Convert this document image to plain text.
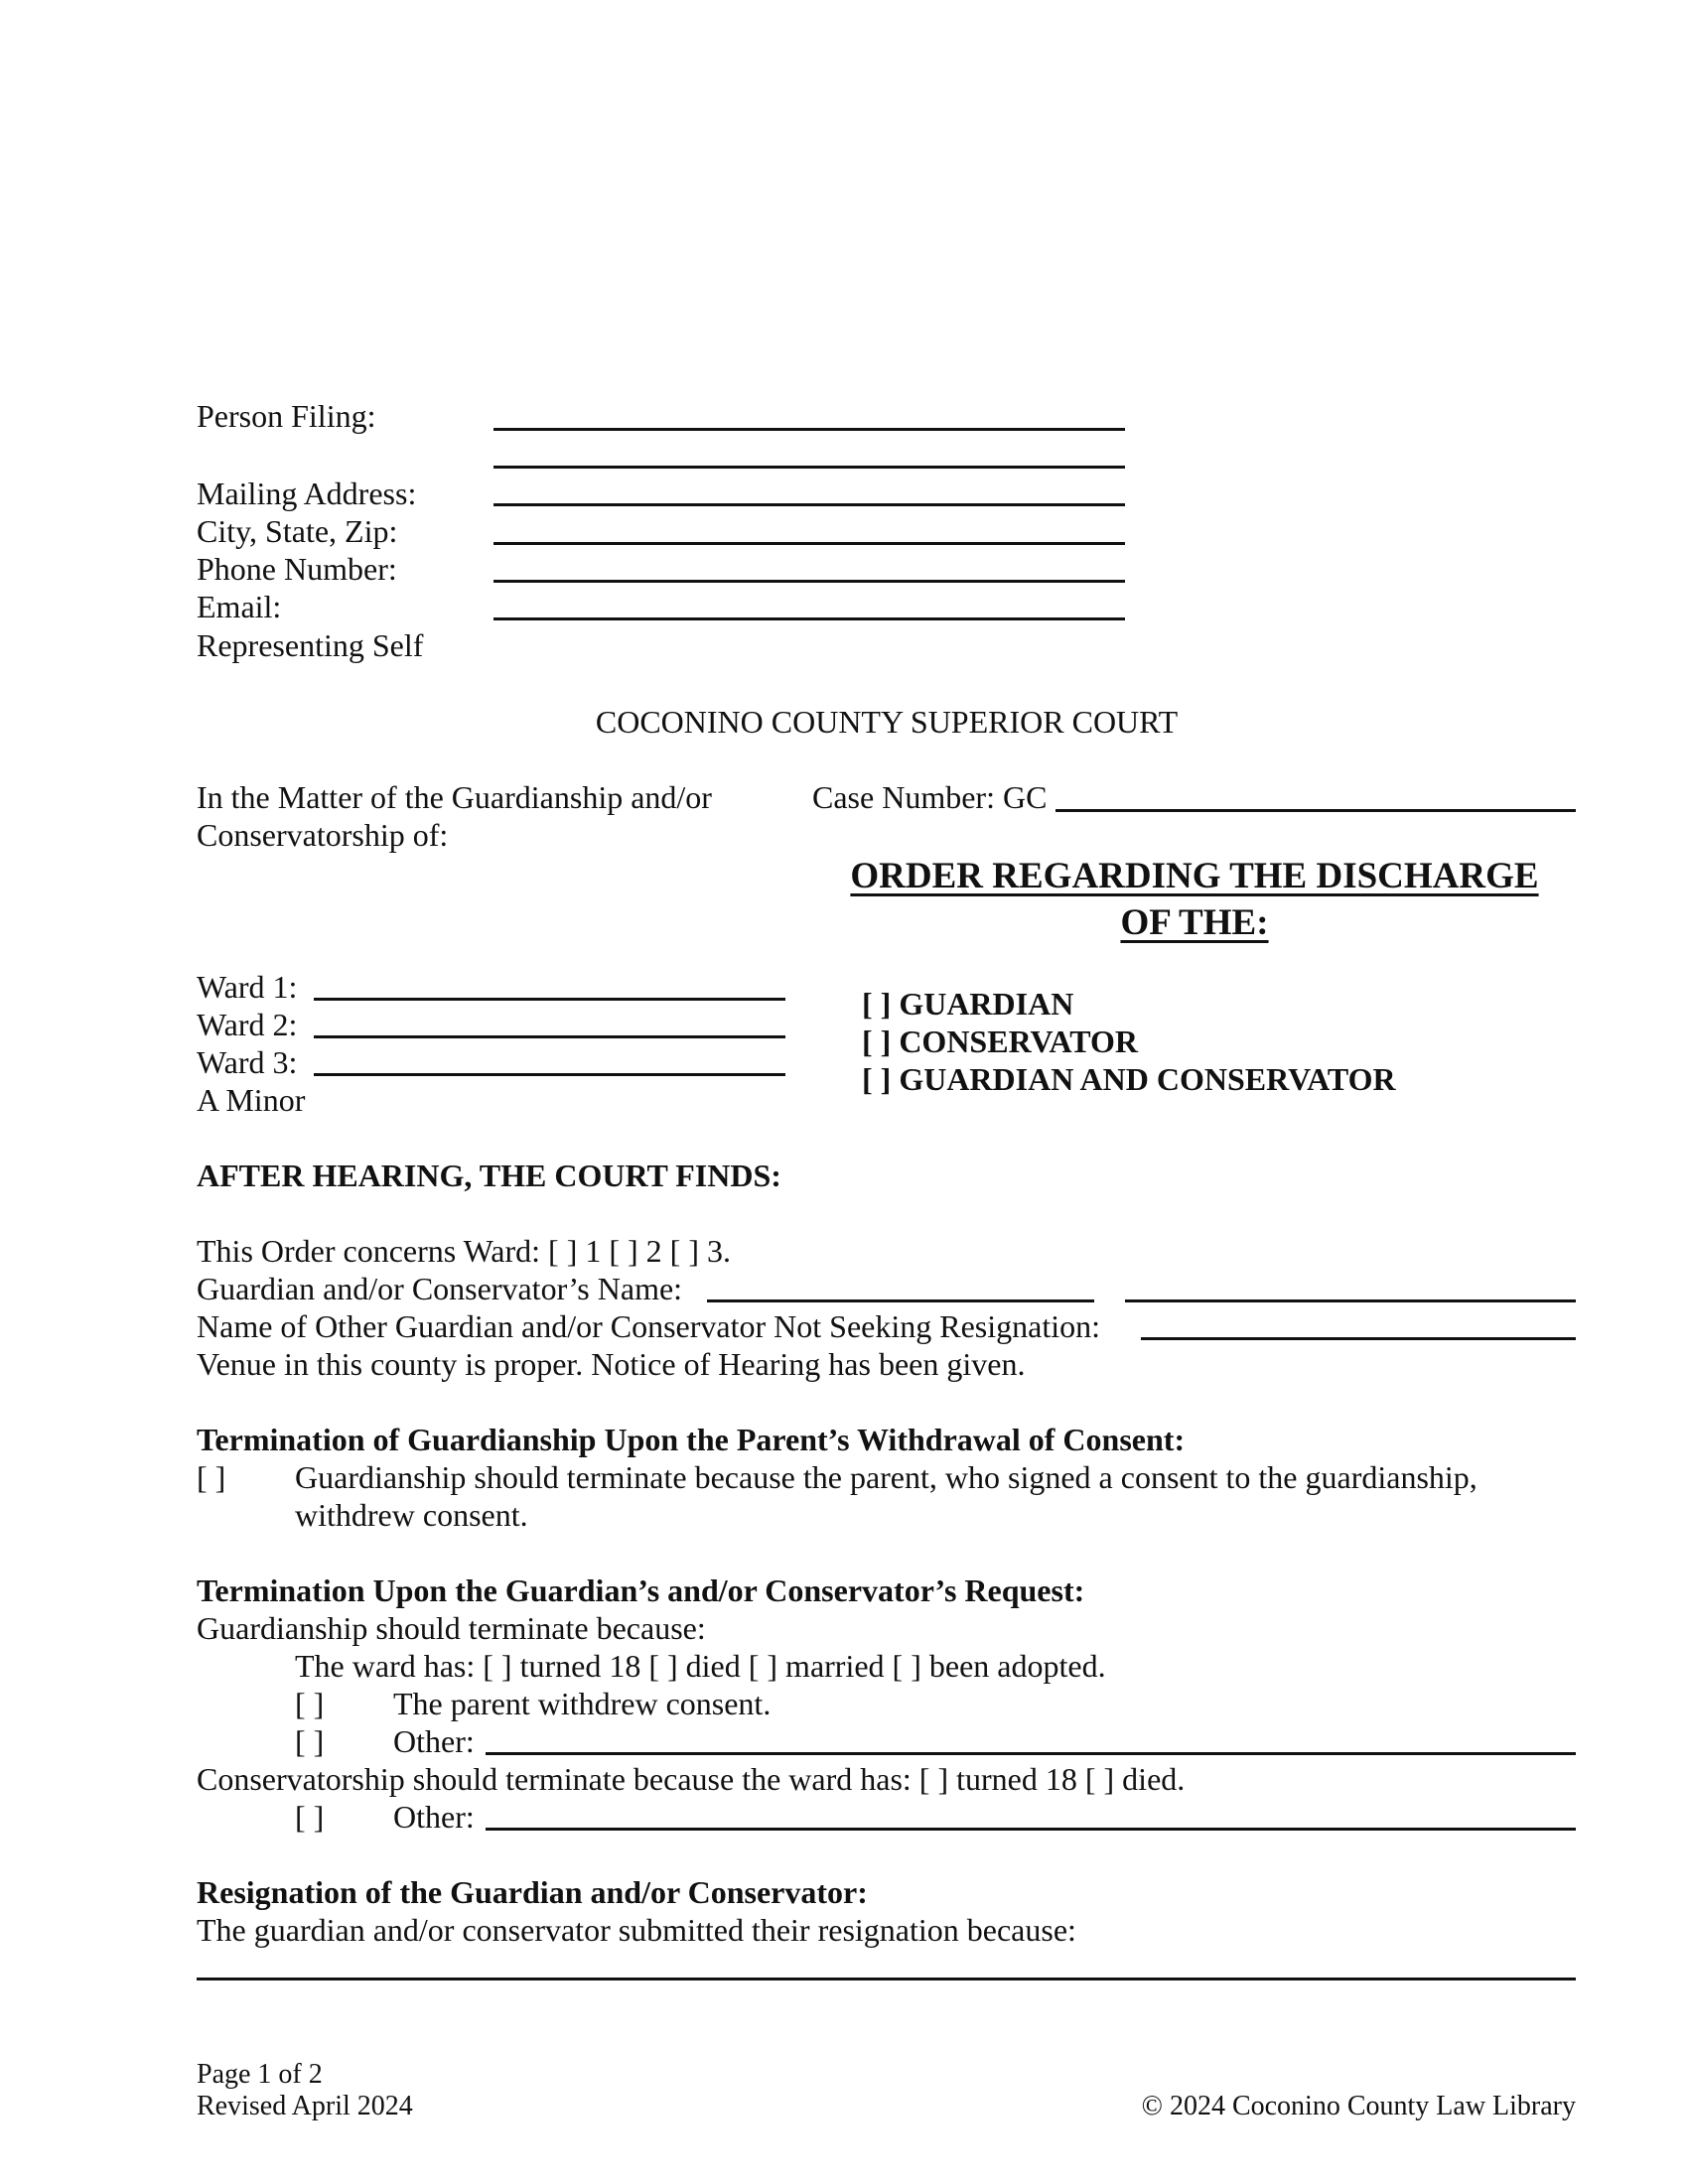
Person Filing:
Mailing Address:
City, State, Zip:
Phone Number:
Email:
Representing Self
COCONINO COUNTY SUPERIOR COURT
In the Matter of the Guardianship and/or
Conservatorship of:
Case Number: GC
ORDER REGARDING THE DISCHARGE
OF THE:
Ward 1:
Ward 2:
Ward 3:
A Minor
[ ] GUARDIAN
[ ] CONSERVATOR
[ ] GUARDIAN AND CONSERVATOR
AFTER HEARING, THE COURT FINDS:
This Order concerns Ward: [ ] 1 [ ] 2 [ ] 3.
Guardian and/or Conservator’s Name:
Name of Other Guardian and/or Conservator Not Seeking Resignation:
Venue in this county is proper. Notice of Hearing has been given.
Termination of Guardianship Upon the Parent’s Withdrawal of Consent:
[ ] Guardianship should terminate because the parent, who signed a consent to the guardianship,
withdrew consent.
Termination Upon the Guardian’s and/or Conservator’s Request:
Guardianship should terminate because:
The ward has: [ ] turned 18 [ ] died [ ] married [ ] been adopted.
[ ] The parent withdrew consent.
[ ] Other:
Conservatorship should terminate because the ward has: [ ] turned 18 [ ] died.
[ ] Other:
Resignation of the Guardian and/or Conservator:
The guardian and/or conservator submitted their resignation because:
Page 1 of 2
Revised April 2024	© 2024 Coconino County Law Library
